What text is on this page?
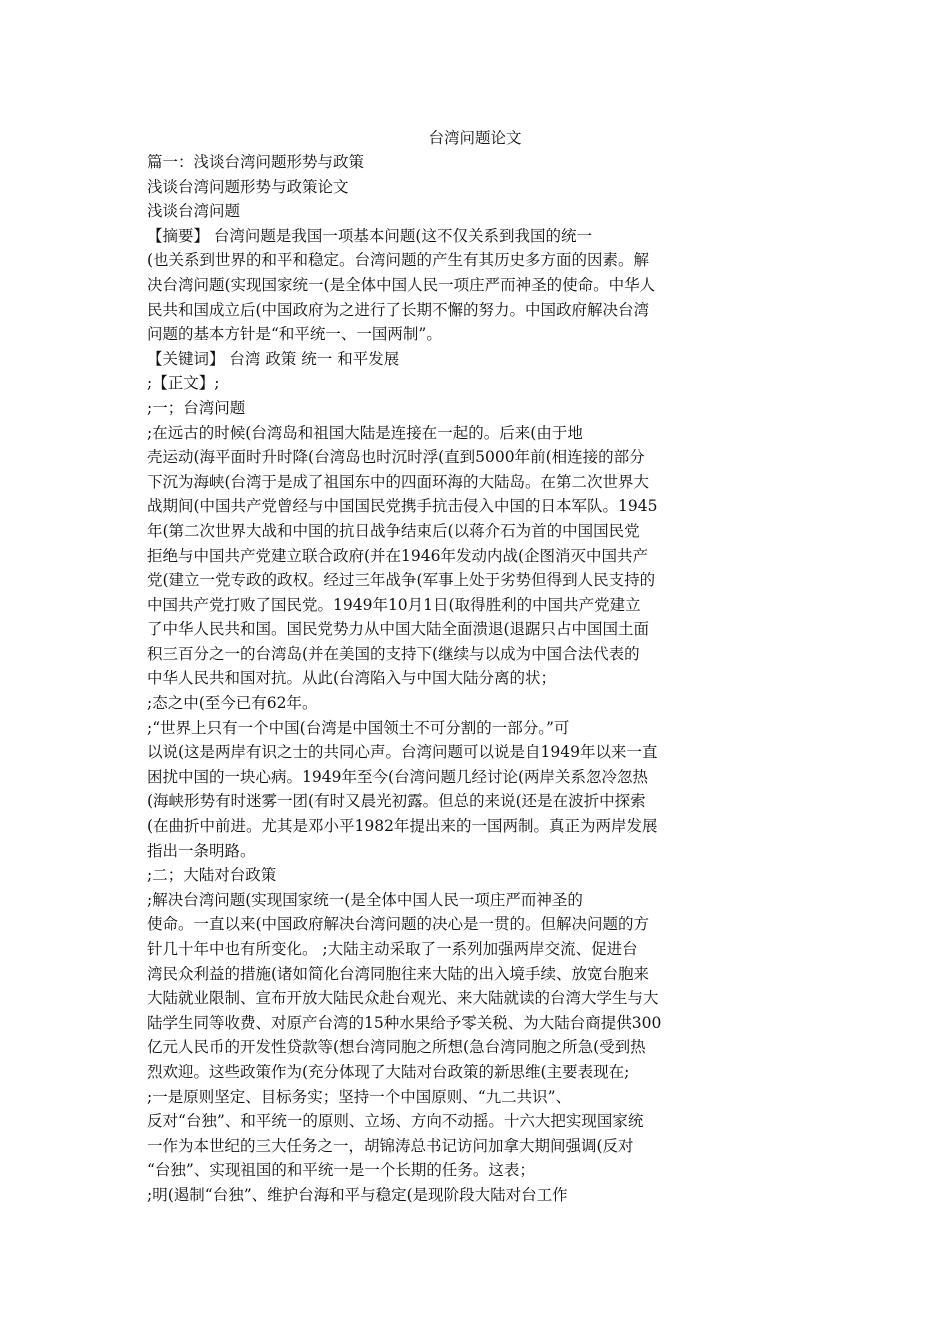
台湾问题论文
篇一：浅谈台湾问题形势与政策
浅谈台湾问题形势与政策论文
浅谈台湾问题
【摘要】 台湾问题是我国一项基本问题(这不仅关系到我国的统一
(也关系到世界的和平和稳定。台湾问题的产生有其历史多方面的因素。解
决台湾问题(实现国家统一(是全体中国人民一项庄严而神圣的使命。中华人
民共和国成立后(中国政府为之进行了长期不懈的努力。中国政府解决台湾
问题的基本方针是“和平统一、一国两制”。
【关键词】 台湾 政策 统一 和平发展
;【正文】;
;一；台湾问题
;在远古的时候(台湾岛和祖国大陆是连接在一起的。后来(由于地
壳运动(海平面时升时降(台湾岛也时沉时浮(直到5000年前(相连接的部分
下沉为海峡(台湾于是成了祖国东中的四面环海的大陆岛。在第二次世界大
战期间(中国共产党曾经与中国国民党携手抗击侵入中国的日本军队。1945
年(第二次世界大战和中国的抗日战争结束后(以蒋介石为首的中国国民党
拒绝与中国共产党建立联合政府(并在1946年发动内战(企图消灭中国共产
党(建立一党专政的政权。经过三年战争(军事上处于劣势但得到人民支持的
中国共产党打败了国民党。1949年10月1日(取得胜利的中国共产党建立
了中华人民共和国。国民党势力从中国大陆全面溃退(退踞只占中国国土面
积三百分之一的台湾岛(并在美国的支持下(继续与以成为中国合法代表的
中华人民共和国对抗。从此(台湾陷入与中国大陆分离的状；
;态之中(至今已有62年。
;“世界上只有一个中国(台湾是中国领土不可分割的一部分。”可
以说(这是两岸有识之士的共同心声。台湾问题可以说是自1949年以来一直
困扰中国的一块心病。1949年至今(台湾问题几经讨论(两岸关系忽冷忽热
(海峡形势有时迷雾一团(有时又晨光初露。但总的来说(还是在波折中探索
(在曲折中前进。尤其是邓小平1982年提出来的一国两制。真正为两岸发展
指出一条明路。
;二；大陆对台政策
;解决台湾问题(实现国家统一(是全体中国人民一项庄严而神圣的
使命。一直以来(中国政府解决台湾问题的决心是一贯的。但解决问题的方
针几十年中也有所变化。 ;大陆主动采取了一系列加强两岸交流、促进台
湾民众利益的措施(诸如简化台湾同胞往来大陆的出入境手续、放宽台胞来
大陆就业限制、宣布开放大陆民众赴台观光、来大陆就读的台湾大学生与大
陆学生同等收费、对原产台湾的15种水果给予零关税、为大陆台商提供300
亿元人民币的开发性贷款等(想台湾同胞之所想(急台湾同胞之所急(受到热
烈欢迎。这些政策作为(充分体现了大陆对台政策的新思维(主要表现在;
;一是原则坚定、目标务实；坚持一个中国原则、“九二共识”、
反对“台独”、和平统一的原则、立场、方向不动摇。十六大把实现国家统
一作为本世纪的三大任务之一，胡锦涛总书记访问加拿大期间强调(反对
“台独”、实现祖国的和平统一是一个长期的任务。这表；
;明(遏制“台独”、维护台海和平与稳定(是现阶段大陆对台工作
